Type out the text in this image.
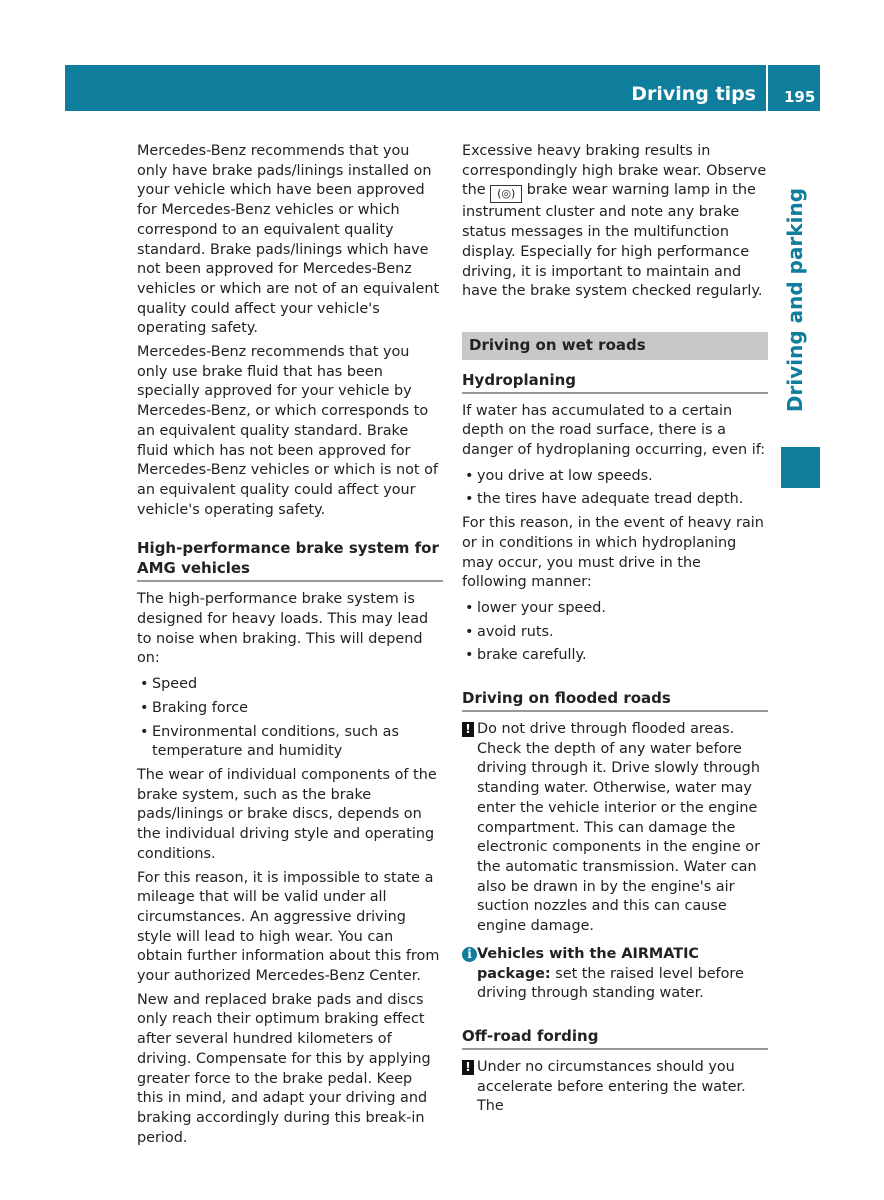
Driving tips 195
Driving and parking

Mercedes-Benz recommends that you only have brake pads/linings installed on your vehicle which have been approved for Mercedes-Benz vehicles or which correspond to an equivalent quality standard. Brake pads/linings which have not been approved for Mercedes-Benz vehicles or which are not of an equivalent quality could affect your vehicle's operating safety.

Mercedes-Benz recommends that you only use brake fluid that has been specially approved for your vehicle by Mercedes-Benz, or which corresponds to an equivalent quality standard. Brake fluid which has not been approved for Mercedes-Benz vehicles or which is not of an equivalent quality could affect your vehicle's operating safety.

High-performance brake system for AMG vehicles

The high-performance brake system is designed for heavy loads. This may lead to noise when braking. This will depend on:

• Speed
• Braking force
• Environmental conditions, such as temperature and humidity

The wear of individual components of the brake system, such as the brake pads/linings or brake discs, depends on the individual driving style and operating conditions.

For this reason, it is impossible to state a mileage that will be valid under all circumstances. An aggressive driving style will lead to high wear. You can obtain further information about this from your authorized Mercedes-Benz Center.

New and replaced brake pads and discs only reach their optimum braking effect after several hundred kilometers of driving. Compensate for this by applying greater force to the brake pedal. Keep this in mind, and adapt your driving and braking accordingly during this break-in period.

Excessive heavy braking results in correspondingly high brake wear. Observe the (◎) brake wear warning lamp in the instrument cluster and note any brake status messages in the multifunction display. Especially for high performance driving, it is important to maintain and have the brake system checked regularly.

Driving on wet roads
Hydroplaning

If water has accumulated to a certain depth on the road surface, there is a danger of hydroplaning occurring, even if:

• you drive at low speeds.
• the tires have adequate tread depth.

For this reason, in the event of heavy rain or in conditions in which hydroplaning may occur, you must drive in the following manner:

• lower your speed.
• avoid ruts.
• brake carefully.
Driving on flooded roads
! Do not drive through flooded areas. Check the depth of any water before driving through it. Drive slowly through standing water. Otherwise, water may enter the vehicle interior or the engine compartment. This can damage the electronic components in the engine or the automatic transmission. Water can also be drawn in by the engine's air suction nozzles and this can cause engine damage.
i Vehicles with the AIRMATIC package: set the raised level before driving through standing water.
Off-road fording
! Under no circumstances should you accelerate before entering the water. The
